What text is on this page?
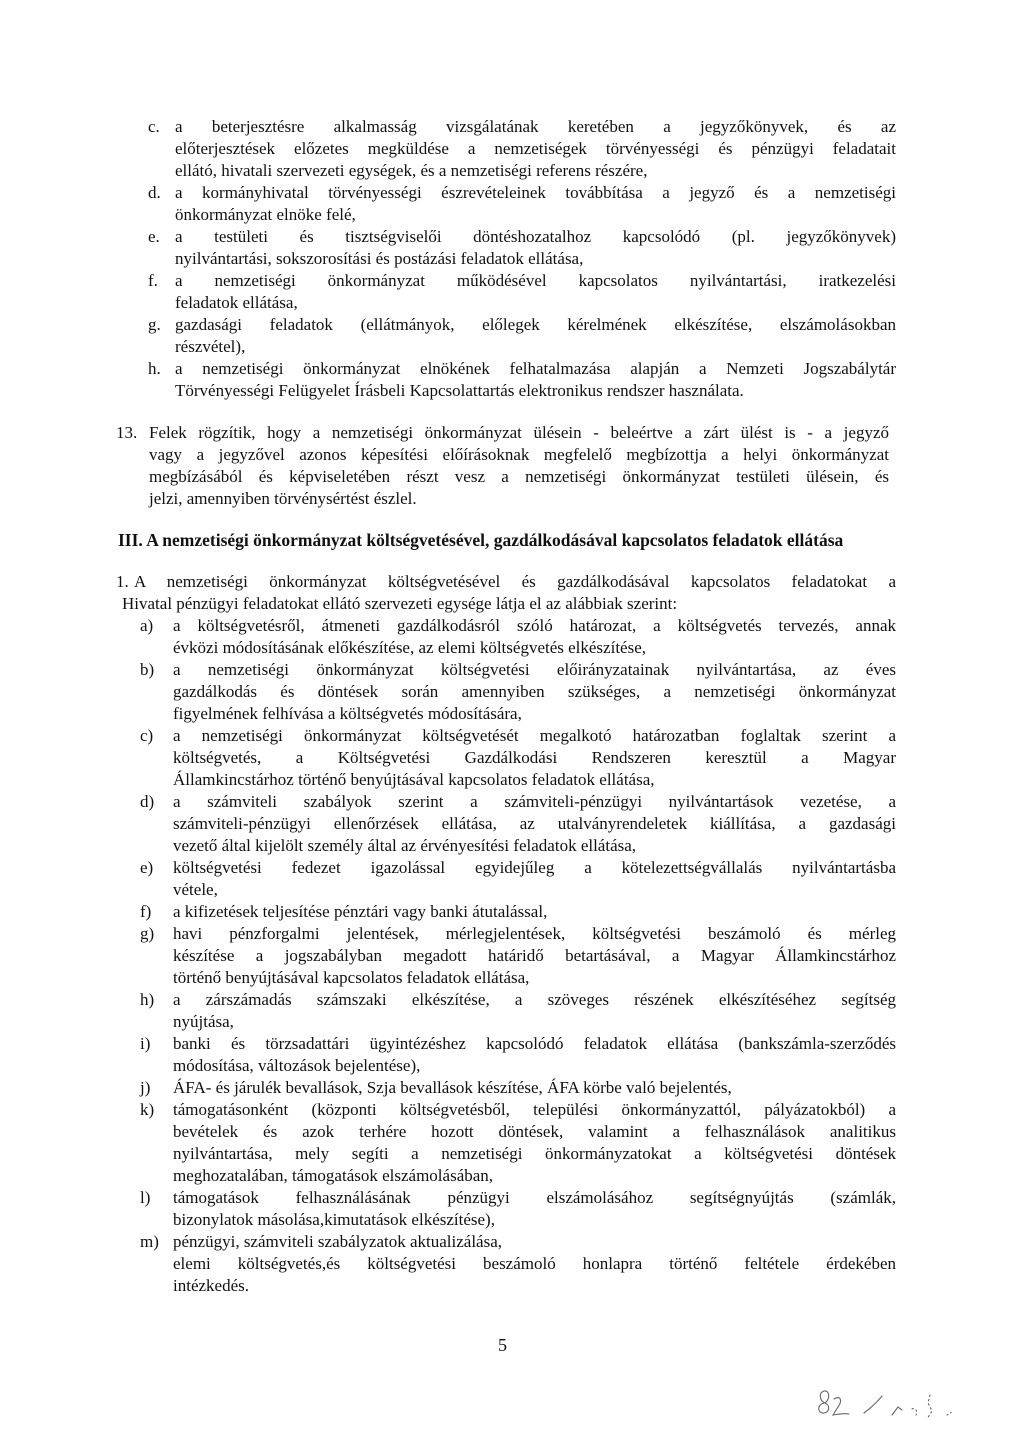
c. a beterjesztésre alkalmasság vizsgálatának keretében a jegyzőkönyvek, és az
előterjesztések előzetes megküldése a nemzetiségek törvényességi és pénzügyi feladatait
ellátó, hivatali szervezeti egységek, és a nemzetiségi referens részére,
d. a kormányhivatal törvényességi észrevételeinek továbbítása a jegyző és a nemzetiségi
önkormányzat elnöke felé,
e. a testületi és tisztségviselői döntéshozatalhoz kapcsolódó (pl. jegyzőkönyvek)
nyilvántartási, sokszorosítási és postázási feladatok ellátása,
f. a nemzetiségi önkormányzat működésével kapcsolatos nyilvántartási, iratkezelési
feladatok ellátása,
g. gazdasági feladatok (ellátmányok, előlegek kérelmének elkészítése, elszámolásokban
részvétel),
h. a nemzetiségi önkormányzat elnökének felhatalmazása alapján a Nemzeti Jogszabálytár
Törvényességi Felügyelet Írásbeli Kapcsolattartás elektronikus rendszer használata.
13. Felek rögzítik, hogy a nemzetiségi önkormányzat ülésein - beleértve a zárt ülést is - a jegyző
vagy a jegyzővel azonos képesítési előírásoknak megfelelő megbízottja a helyi önkormányzat
megbízásából és képviseletében részt vesz a nemzetiségi önkormányzat testületi ülésein, és
jelzi, amennyiben törvénysértést észlel.
III. A nemzetiségi önkormányzat költségvetésével, gazdálkodásával kapcsolatos feladatok ellátása
1. A nemzetiségi önkormányzat költségvetésével és gazdálkodásával kapcsolatos feladatokat a
Hivatal pénzügyi feladatokat ellátó szervezeti egysége látja el az alábbiak szerint:
a) a költségvetésről, átmeneti gazdálkodásról szóló határozat, a költségvetés tervezés, annak
évközi módosításának előkészítése, az elemi költségvetés elkészítése,
b) a nemzetiségi önkormányzat költségvetési előirányzatainak nyilvántartása, az éves
gazdálkodás és döntések során amennyiben szükséges, a nemzetiségi önkormányzat
figyelmének felhívása a költségvetés módosítására,
c) a nemzetiségi önkormányzat költségvetését megalkotó határozatban foglaltak szerint a
költségvetés, a Költségvetési Gazdálkodási Rendszeren keresztül a Magyar
Államkincstárhoz történő benyújtásával kapcsolatos feladatok ellátása,
d) a számviteli szabályok szerint a számviteli-pénzügyi nyilvántartások vezetése, a
számviteli-pénzügyi ellenőrzések ellátása, az utalványrendeletek kiállítása, a gazdasági
vezető által kijelölt személy által az érvényesítési feladatok ellátása,
e) költségvetési fedezet igazolással egyidejűleg a kötelezettségvállalás nyilvántartásba
vétele,
f) a kifizetések teljesítése pénztári vagy banki átutalással,
g) havi pénzforgalmi jelentések, mérlegjelentések, költségvetési beszámoló és mérleg
készítése a jogszabályban megadott határidő betartásával, a Magyar Államkincstárhoz
történő benyújtásával kapcsolatos feladatok ellátása,
h) a zárszámadás számszaki elkészítése, a szöveges részének elkészítéséhez segítség
nyújtása,
i) banki és törzsadattári ügyintézéshez kapcsolódó feladatok ellátása (bankszámla-szerződés
módosítása, változások bejelentése),
j) ÁFA- és járulék bevallások, Szja bevallások készítése, ÁFA körbe való bejelentés,
k) támogatásonként (központi költségvetésből, települési önkormányzattól, pályázatokból) a
bevételek és azok terhére hozott döntések, valamint a felhasználások analitikus
nyilvántartása, mely segíti a nemzetiségi önkormányzatokat a költségvetési döntések
meghozatalában, támogatások elszámolásában,
l) támogatások felhasználásának pénzügyi elszámolásához segítségnyújtás (számlák,
bizonylatok másolása,kimutatások elkészítése),
m) pénzügyi, számviteli szabályzatok aktualizálása,
elemi költségvetés,és költségvetési beszámoló honlapra történő feltétele érdekében
intézkedés.
5
